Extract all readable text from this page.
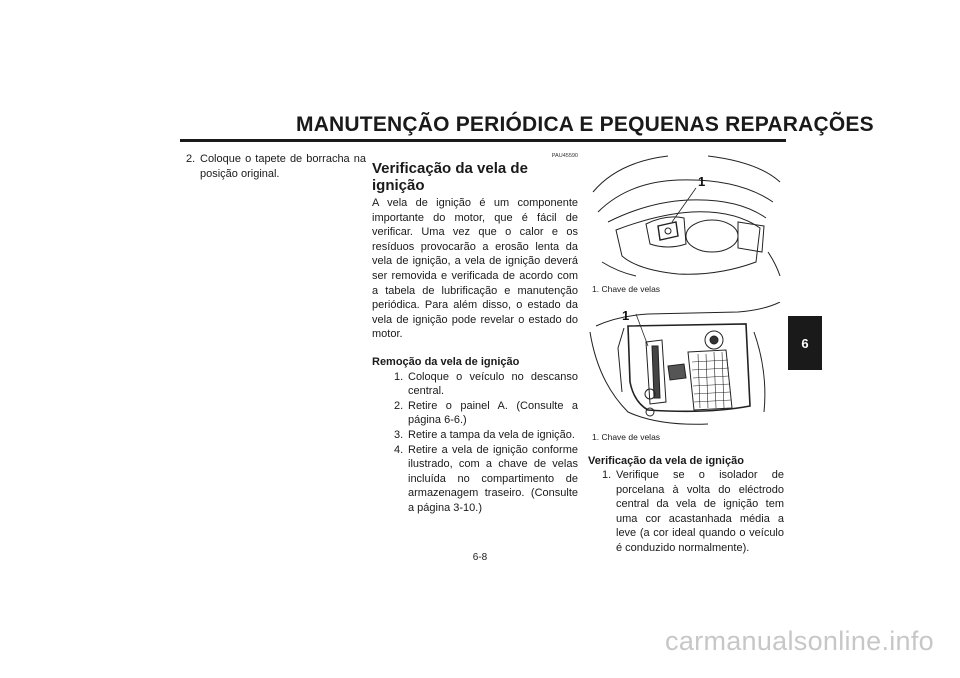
MANUTENÇÃO PERIÓDICA E PEQUENAS REPARAÇÕES
2. Coloque o tapete de borracha na posição original.
PAU45590
Verificação da vela de ignição
A vela de ignição é um componente importante do motor, que é fácil de verificar. Uma vez que o calor e os resíduos provocarão a erosão lenta da vela de ignição, a vela de ignição deverá ser removida e verificada de acordo com a tabela de lubrificação e manutenção periódica. Para além disso, o estado da vela de ignição pode revelar o estado do motor.
Remoção da vela de ignição
1. Coloque o veículo no descanso central.
2. Retire o painel A. (Consulte a página 6-6.)
3. Retire a tampa da vela de ignição.
4. Retire a vela de ignição conforme ilustrado, com a chave de velas incluída no compartimento de armazenagem traseiro. (Consulte a página 3-10.)
1
1. Chave de velas
1
1. Chave de velas
Verificação da vela de ignição
1. Verifique se o isolador de porcelana à volta do eléctrodo central da vela de ignição tem uma cor acastanhada média a leve (a cor ideal quando o veículo é conduzido normalmente).
6
6-8
carmanualsonline.info
